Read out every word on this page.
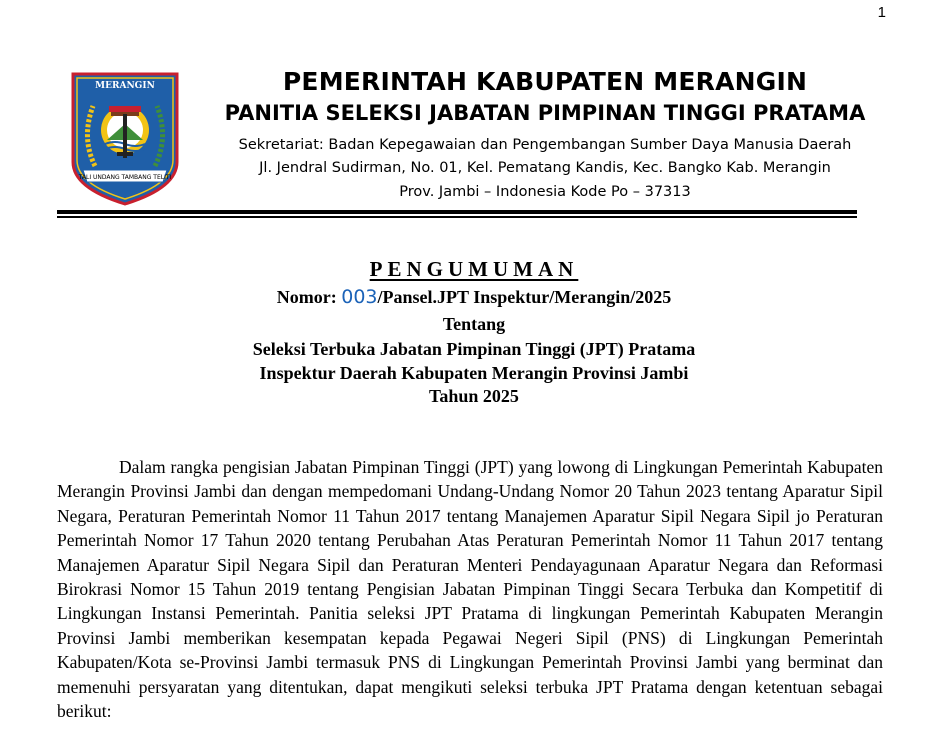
1
MERANGIN
TALI UNDANG TAMBANG TELITI
PEMERINTAH KABUPATEN MERANGIN
PANITIA SELEKSI JABATAN PIMPINAN TINGGI PRATAMA
Sekretariat: Badan Kepegawaian dan Pengembangan Sumber Daya Manusia Daerah
Jl. Jendral Sudirman, No. 01, Kel. Pematang Kandis, Kec. Bangko Kab. Merangin
Prov. Jambi – Indonesia Kode Po – 37313
PENGUMUMAN
Nomor: 003/Pansel.JPT Inspektur/Merangin/2025
Tentang
Seleksi Terbuka Jabatan Pimpinan Tinggi (JPT) Pratama
Inspektur Daerah Kabupaten Merangin Provinsi Jambi
Tahun 2025

Dalam rangka pengisian Jabatan Pimpinan Tinggi (JPT) yang lowong di Lingkungan Pemerintah Kabupaten Merangin Provinsi Jambi dan dengan mempedomani Undang-Undang Nomor 20 Tahun 2023 tentang Aparatur Sipil Negara, Peraturan Pemerintah Nomor 11 Tahun 2017 tentang Manajemen Aparatur Sipil Negara Sipil jo Peraturan Pemerintah Nomor 17 Tahun 2020 tentang Perubahan Atas Peraturan Pemerintah Nomor 11 Tahun 2017 tentang Manajemen Aparatur Sipil Negara Sipil dan Peraturan Menteri Pendayagunaan Aparatur Negara dan Reformasi Birokrasi Nomor 15 Tahun 2019 tentang Pengisian Jabatan Pimpinan Tinggi Secara Terbuka dan Kompetitif di Lingkungan Instansi Pemerintah. Panitia seleksi JPT Pratama di lingkungan Pemerintah Kabupaten Merangin Provinsi Jambi memberikan kesempatan kepada Pegawai Negeri Sipil (PNS) di Lingkungan Pemerintah Kabupaten/Kota se-Provinsi Jambi termasuk PNS di Lingkungan Pemerintah Provinsi Jambi yang berminat dan memenuhi persyaratan yang ditentukan, dapat mengikuti seleksi terbuka JPT Pratama dengan ketentuan sebagai berikut:
